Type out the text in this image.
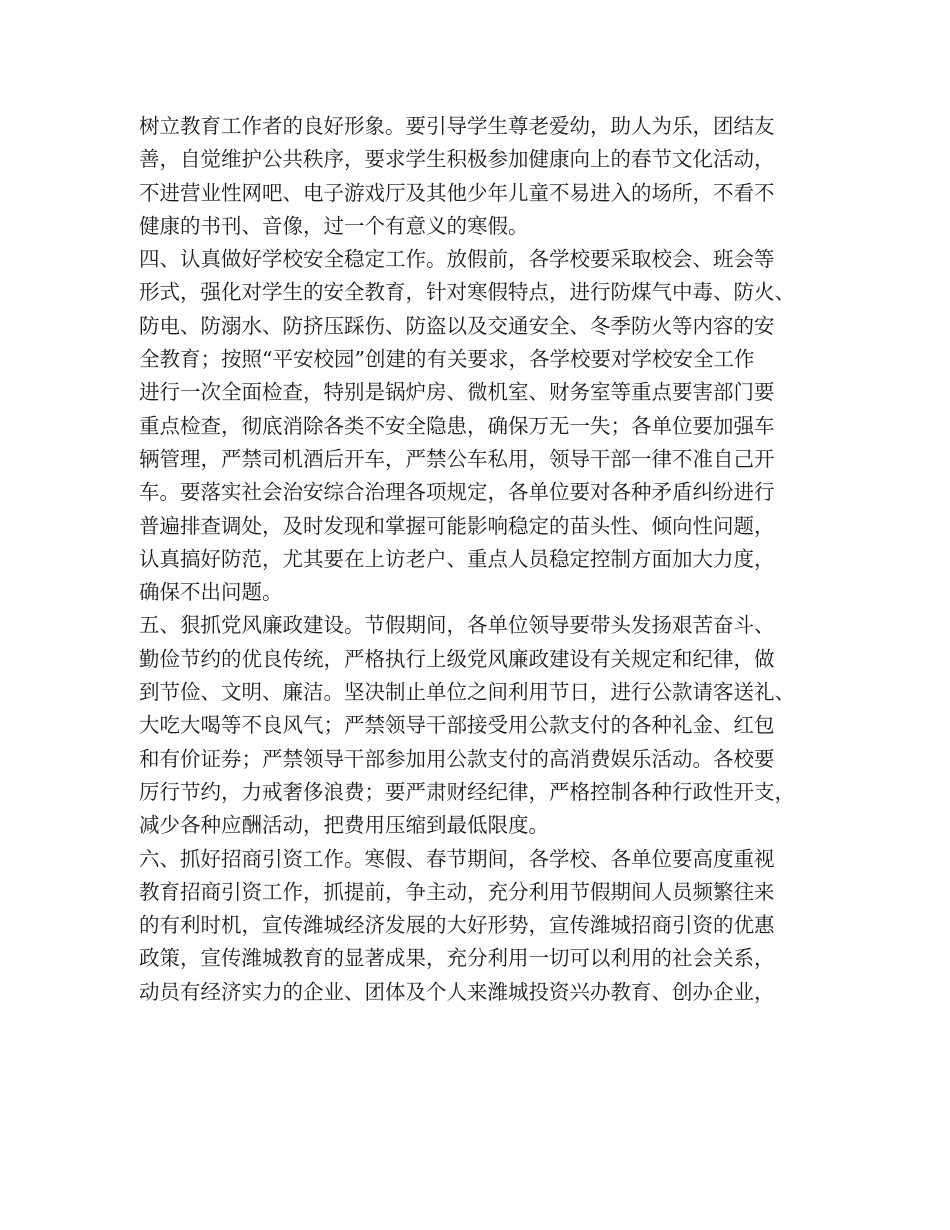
树立教育工作者的良好形象。要引导学生尊老爱幼，助人为乐，团结友
善，自觉维护公共秩序，要求学生积极参加健康向上的春节文化活动，
不进营业性网吧、电子游戏厅及其他少年儿童不易进入的场所，不看不
健康的书刊、音像，过一个有意义的寒假。
四、认真做好学校安全稳定工作。放假前，各学校要采取校会、班会等
形式，强化对学生的安全教育，针对寒假特点，进行防煤气中毒、防火、
防电、防溺水、防挤压踩伤、防盗以及交通安全、冬季防火等内容的安
全教育；按照“平安校园”创建的有关要求，各学校要对学校安全工作
进行一次全面检查，特别是锅炉房、微机室、财务室等重点要害部门要
重点检查，彻底消除各类不安全隐患，确保万无一失；各单位要加强车
辆管理，严禁司机酒后开车，严禁公车私用，领导干部一律不准自己开
车。要落实社会治安综合治理各项规定，各单位要对各种矛盾纠纷进行
普遍排查调处，及时发现和掌握可能影响稳定的苗头性、倾向性问题，
认真搞好防范，尤其要在上访老户、重点人员稳定控制方面加大力度，
确保不出问题。
五、狠抓党风廉政建设。节假期间，各单位领导要带头发扬艰苦奋斗、
勤俭节约的优良传统，严格执行上级党风廉政建设有关规定和纪律，做
到节俭、文明、廉洁。坚决制止单位之间利用节日，进行公款请客送礼、
大吃大喝等不良风气；严禁领导干部接受用公款支付的各种礼金、红包
和有价证券；严禁领导干部参加用公款支付的高消费娱乐活动。各校要
厉行节约，力戒奢侈浪费；要严肃财经纪律，严格控制各种行政性开支，
减少各种应酬活动，把费用压缩到最低限度。
六、抓好招商引资工作。寒假、春节期间，各学校、各单位要高度重视
教育招商引资工作，抓提前，争主动，充分利用节假期间人员频繁往来
的有利时机，宣传潍城经济发展的大好形势，宣传潍城招商引资的优惠
政策，宣传潍城教育的显著成果，充分利用一切可以利用的社会关系，
动员有经济实力的企业、团体及个人来潍城投资兴办教育、创办企业，
